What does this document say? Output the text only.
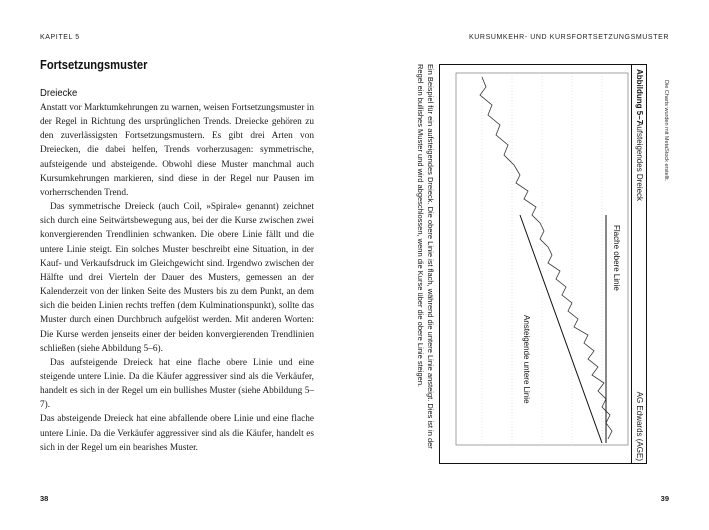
KAPITEL 5
Fortsetzungsmuster
Dreiecke

Anstatt vor Marktumkehrungen zu warnen, weisen Fortsetzungsmuster in der Regel in Richtung des ursprünglichen Trends. Dreiecke gehören zu den zuverlässigsten Fortsetzungsmustern. Es gibt drei Arten von Dreiecken, die dabei helfen, Trends vorherzusagen: symmetrische, aufsteigende und absteigende. Obwohl diese Muster manchmal auch Kursumkehrungen markieren, sind diese in der Regel nur Pausen im vorherrschenden Trend.

Das symmetrische Dreieck (auch Coil, »Spirale« genannt) zeichnet sich durch eine Seitwärtsbewegung aus, bei der die Kurse zwischen zwei konvergierenden Trendlinien schwanken. Die obere Linie fällt und die untere Linie steigt. Ein solches Muster beschreibt eine Situation, in der Kauf- und Verkaufsdruck im Gleichgewicht sind. Irgendwo zwischen der Hälfte und drei Vierteln der Dauer des Musters, gemessen an der Kalenderzeit von der linken Seite des Musters bis zu dem Punkt, an dem sich die beiden Linien rechts treffen (dem Kulminationspunkt), sollte das Muster durch einen Durchbruch aufgelöst werden. Mit anderen Worten: Die Kurse werden jenseits einer der beiden konvergierenden Trendlinien schließen (siehe Abbildung 5–6).

Das aufsteigende Dreieck hat eine flache obere Linie und eine steigende untere Linie. Da die Käufer aggressiver sind als die Verkäufer, handelt es sich in der Regel um ein bullishes Muster (siehe Abbildung 5–7).

Das absteigende Dreieck hat eine abfallende obere Linie und eine flache untere Linie. Da die Verkäufer aggressiver sind als die Käufer, handelt es sich in der Regel um ein bearishes Muster.

38
KURSUMKEHR- UND KURSFORTSETZUNGSMUSTER
39
Abbildung 5–7
Aufsteigendes Dreieck
AG Edwards (AGE)
Flache obere Linie
Ansteigende untere Linie
Ein Beispiel für ein aufsteigendes Dreieck. Die obere Linie ist flach, während die untere Linie ansteigt. Dies ist in der Regel ein bullishes Muster und wird abgeschlossen, wenn die Kurse über die obere Linie steigen.	Die Charts wurden mit MetaStock erstellt.
